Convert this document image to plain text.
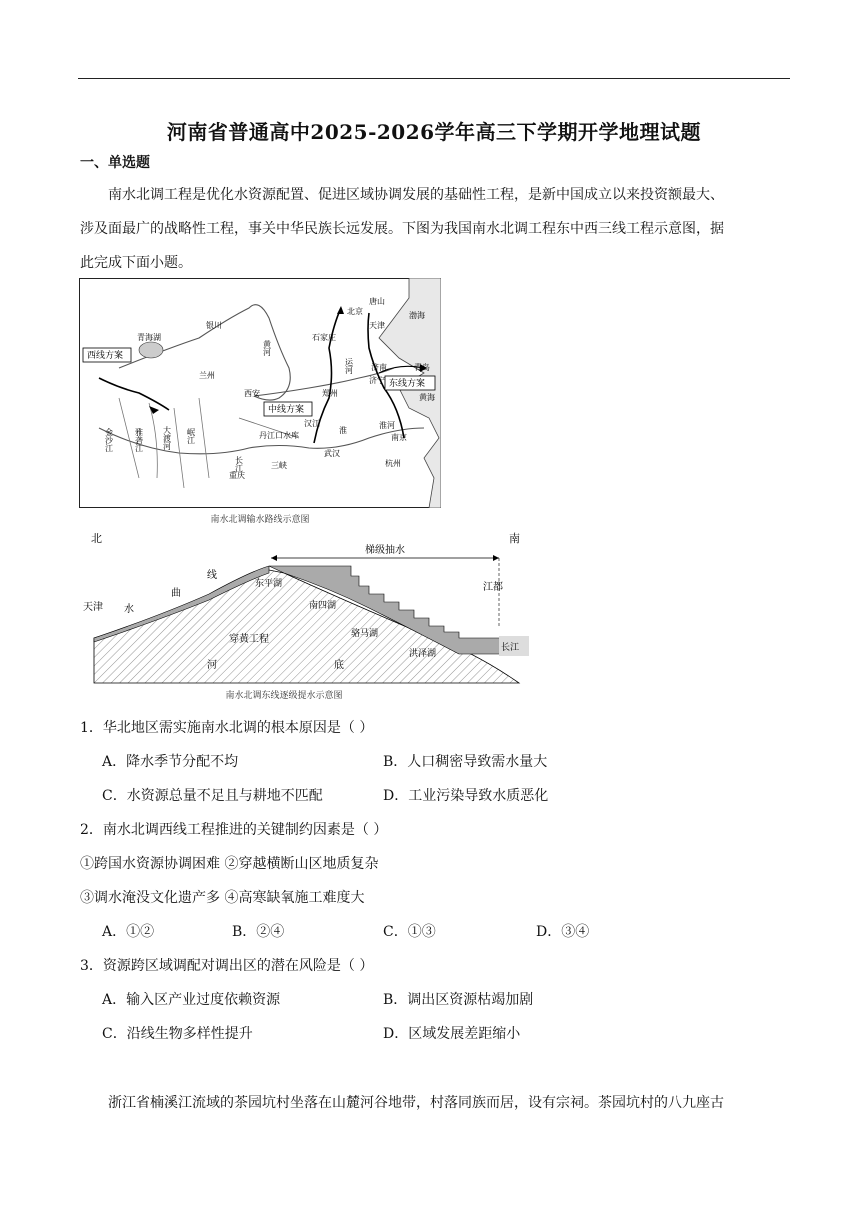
河南省普通高中2025-2026学年高三下学期开学地理试题
一、单选题
南水北调工程是优化水资源配置、促进区域协调发展的基础性工程，是新中国成立以来投资额最大、
涉及面最广的战略性工程，事关中华民族长远发展。下图为我国南水北调工程东中西三线工程示意图，据
此完成下面小题。
青海湖
西线方案
银川
兰州
西安
中线方案
郑州
石家庄
北京
天津
唐山
济南	青岛
济宁 东线方案
黄海
渤海
武汉
南京
杭州
重庆
丹江口水库
三峡
金沙江	雅砻江 大渡河 岷江
黄河
长江
汉江
淮
淮河
运河
南水北调输水路线示意图
北	南
梯级抽水
江都
天津 水
曲
线
东平湖
南四湖
骆马湖
洪泽湖
长江
穿黄工程
河	底
南水北调东线逐级提水示意图
1．华北地区需实施南水北调的根本原因是（ ）
A．降水季节分配不均	B．人口稠密导致需水量大
C．水资源总量不足且与耕地不匹配	D．工业污染导致水质恶化
2．南水北调西线工程推进的关键制约因素是（ ）
①跨国水资源协调困难 ②穿越横断山区地质复杂
③调水淹没文化遗产多 ④高寒缺氧施工难度大
A．①②	B．②④	C．①③	D．③④
3．资源跨区域调配对调出区的潜在风险是（ ）
A．输入区产业过度依赖资源	B．调出区资源枯竭加剧
C．沿线生物多样性提升	D．区域发展差距缩小
浙江省楠溪江流域的茶园坑村坐落在山麓河谷地带，村落同族而居，设有宗祠。茶园坑村的八九座古
